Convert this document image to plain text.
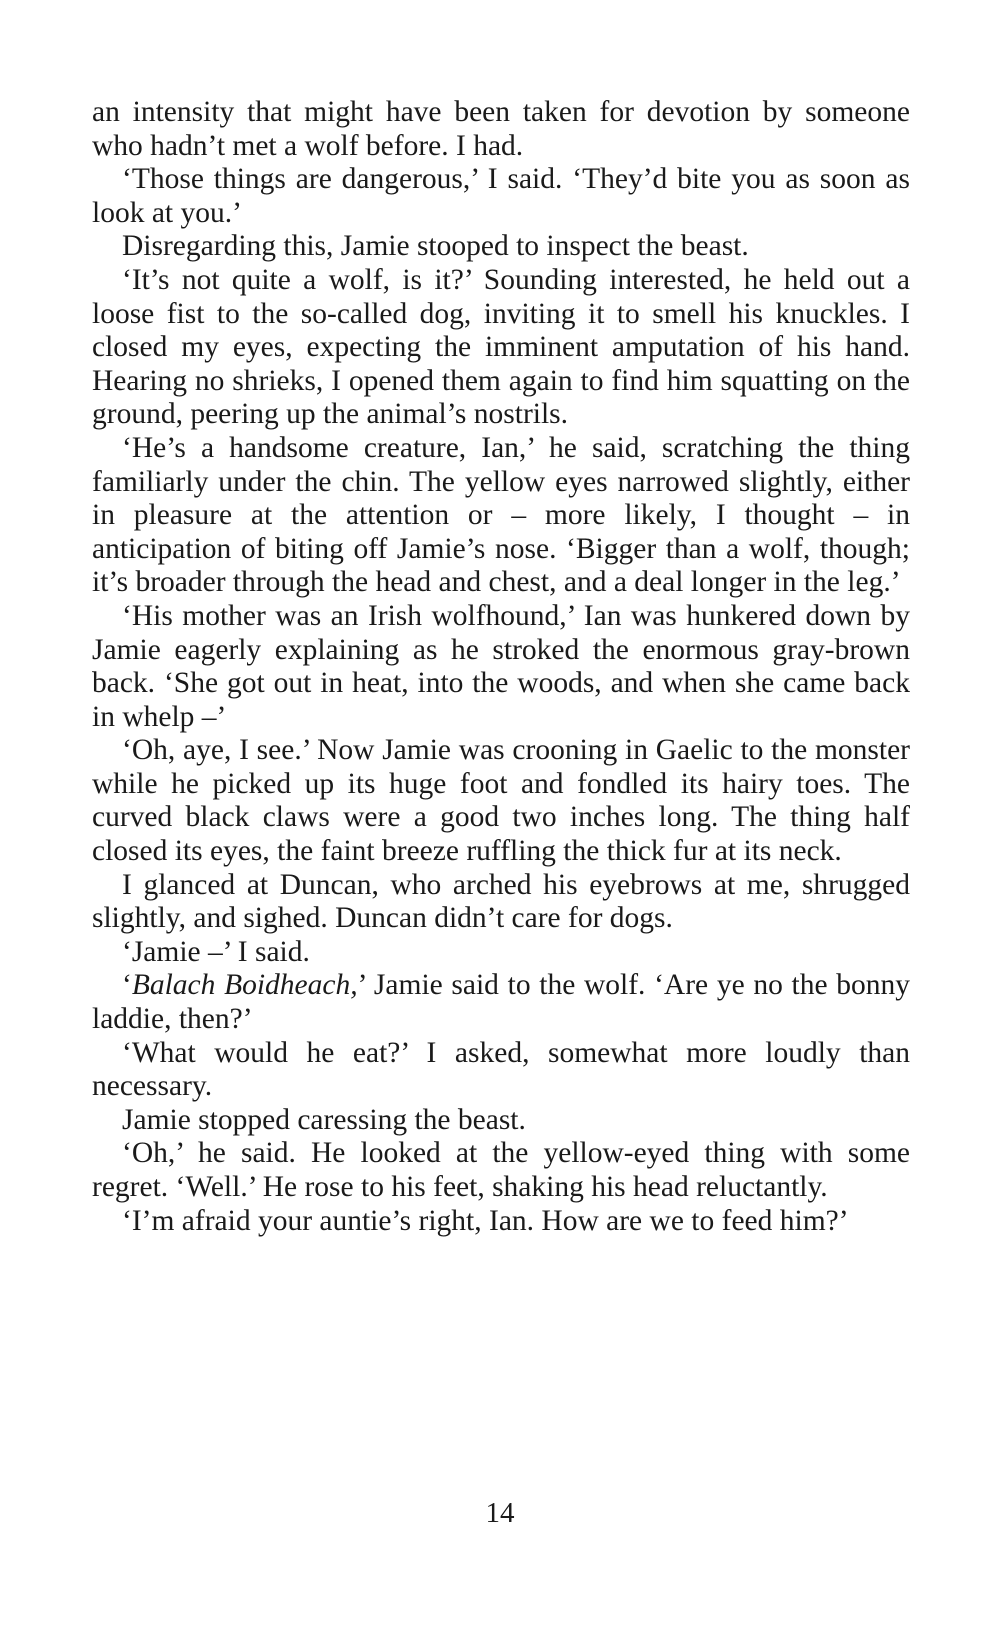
an intensity that might have been taken for devotion by someone who hadn’t met a wolf before. I had.

‘Those things are dangerous,’ I said. ‘They’d bite you as soon as look at you.’

Disregarding this, Jamie stooped to inspect the beast.

‘It’s not quite a wolf, is it?’ Sounding interested, he held out a loose fist to the so-called dog, inviting it to smell his knuckles. I closed my eyes, expecting the imminent amputation of his hand. Hearing no shrieks, I opened them again to find him squatting on the ground, peering up the animal’s nostrils.

‘He’s a handsome creature, Ian,’ he said, scratching the thing familiarly under the chin. The yellow eyes narrowed slightly, either in pleasure at the attention or – more likely, I thought – in anticipation of biting off Jamie’s nose. ‘Bigger than a wolf, though; it’s broader through the head and chest, and a deal longer in the leg.’

‘His mother was an Irish wolfhound,’ Ian was hunkered down by Jamie eagerly explaining as he stroked the enormous gray-brown back. ‘She got out in heat, into the woods, and when she came back in whelp –’

‘Oh, aye, I see.’ Now Jamie was crooning in Gaelic to the monster while he picked up its huge foot and fondled its hairy toes. The curved black claws were a good two inches long. The thing half closed its eyes, the faint breeze ruffling the thick fur at its neck.

I glanced at Duncan, who arched his eyebrows at me, shrugged slightly, and sighed. Duncan didn’t care for dogs.

‘Jamie –’ I said.

‘Balach Boidheach,’ Jamie said to the wolf. ‘Are ye no the bonny laddie, then?’

‘What would he eat?’ I asked, somewhat more loudly than necessary.

Jamie stopped caressing the beast.

‘Oh,’ he said. He looked at the yellow-eyed thing with some regret. ‘Well.’ He rose to his feet, shaking his head reluctantly.

‘I’m afraid your auntie’s right, Ian. How are we to feed him?’

14
